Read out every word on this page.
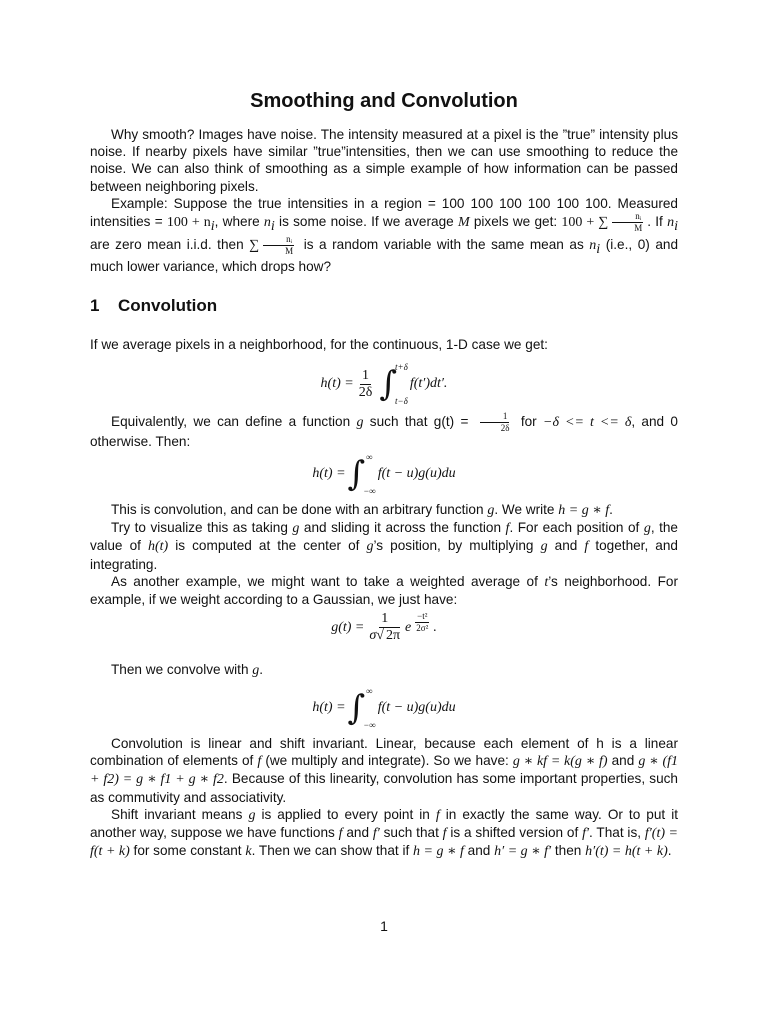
Smoothing and Convolution
Why smooth? Images have noise. The intensity measured at a pixel is the ”true” intensity plus noise. If nearby pixels have similar ”true”intensities, then we can use smoothing to reduce the noise. We can also think of smoothing as a simple example of how information can be passed between neighboring pixels.
Example: Suppose the true intensities in a region = 100 100 100 100 100 100. Measured intensities = $100 + n_i$, where $n_i$ is some noise. If we average M pixels we get: 100 + ∑ $\frac{\text{nᵢ}}{M}$ . If $n_i$ are zero mean i.i.d. then ∑ $\frac{\text{nᵢ}}{M}$ is a random variable with the same mean as $n_i$ (i.e., 0) and much lower variance, which drops how?
1 Convolution
If we average pixels in a neighborhood, for the continuous, 1-D case we get:
$h(t) = \frac{1}{2\delta}$ ∫
t+δ
t−δ
f(t′)dt′.
Equivalently, we can define a function g such that $g(t) = \frac{1}{2\delta}$ for −δ <= t <= δ, and 0 otherwise. Then:
h(t) = ∫ ∞
−∞
f(t − u)g(u)du
This is convolution, and can be done with an arbitrary function g. We write h = g ∗ f.
Try to visualize this as taking g and sliding it across the function f. For each position of g, the value of h(t) is computed at the center of g’s position, by multiplying g and f together, and integrating.
As another example, we might want to take a weighted average of t’s neighborhood. For example, if we weight according to a Gaussian, we just have:
$g(t) = \frac{1}{\sigma√ 2\pi}$ e $\frac{\text{−t²}}{\text{2σ²}}$ .
Then we convolve with g.
h(t) = ∫ ∞
−∞
f(t − u)g(u)du
Convolution is linear and shift invariant. Linear, because each element of h is a linear combination of elements of f (we multiply and integrate). So we have: g ∗ kf = k(g ∗ f) and g ∗ (f1 + f2) = g ∗ f1 + g ∗ f2. Because of this linearity, convolution has some important properties, such as commutivity and associativity.
Shift invariant means g is applied to every point in f in exactly the same way. Or to put it another way, suppose we have functions f and f′ such that f is a shifted version of f′. That is, f′(t) = f(t + k) for some constant k. Then we can show that if h = g ∗ f and h′ = g ∗ f′ then h′(t) = h(t + k).
1
